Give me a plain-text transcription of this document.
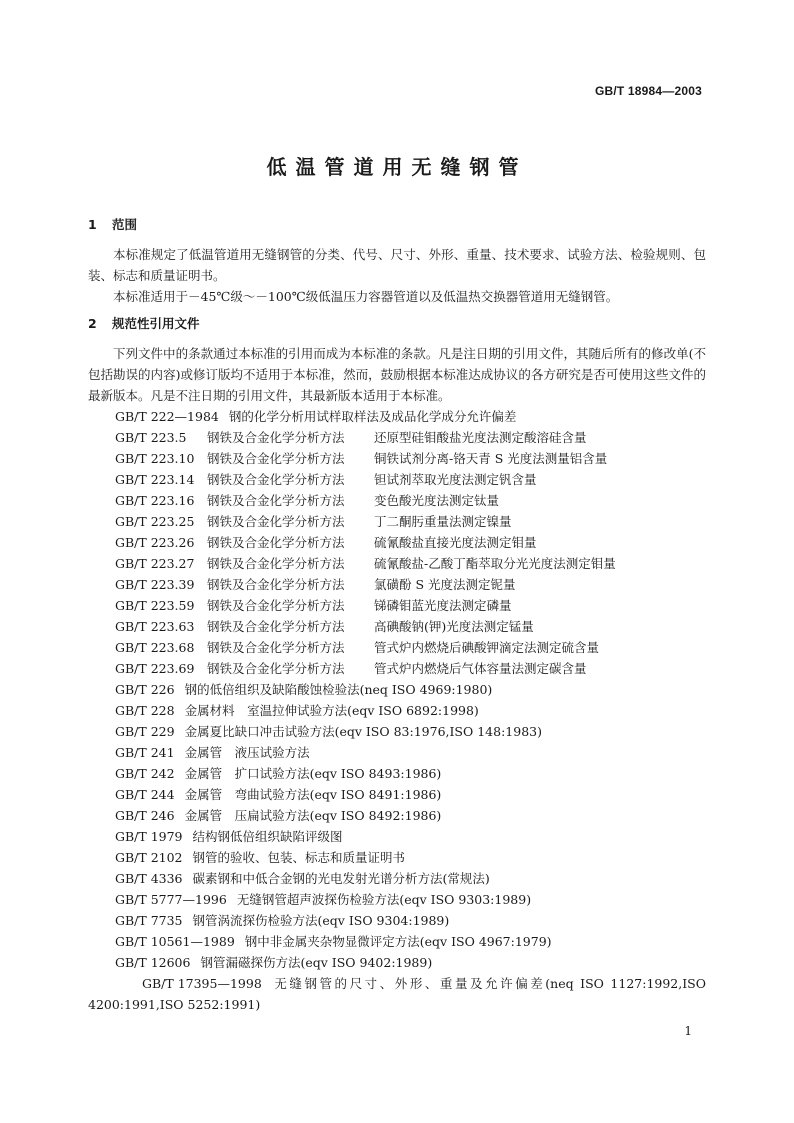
GB/T 18984—2003
低温管道用无缝钢管
1 范围

本标准规定了低温管道用无缝钢管的分类、代号、尺寸、外形、重量、技术要求、试验方法、检验规则、包装、标志和质量证明书。

本标准适用于－45℃级～－100℃级低温压力容器管道以及低温热交换器管道用无缝钢管。

2 规范性引用文件

下列文件中的条款通过本标准的引用而成为本标准的条款。凡是注日期的引用文件，其随后所有的修改单(不包括勘误的内容)或修订版均不适用于本标准，然而，鼓励根据本标准达成协议的各方研究是否可使用这些文件的最新版本。凡是不注日期的引用文件，其最新版本适用于本标准。

GB/T 222—1984 钢的化学分析用试样取样法及成品化学成分允许偏差
GB/T 223.5 钢铁及合金化学分析方法 还原型硅钼酸盐光度法测定酸溶硅含量
GB/T 223.10 钢铁及合金化学分析方法 铜铁试剂分离-铬天青 S 光度法测量铝含量
GB/T 223.14 钢铁及合金化学分析方法 钽试剂萃取光度法测定钒含量
GB/T 223.16 钢铁及合金化学分析方法 变色酸光度法测定钛量
GB/T 223.25 钢铁及合金化学分析方法 丁二酮肟重量法测定镍量
GB/T 223.26 钢铁及合金化学分析方法 硫氰酸盐直接光度法测定钼量
GB/T 223.27 钢铁及合金化学分析方法 硫氰酸盐-乙酸丁酯萃取分光光度法测定钼量
GB/T 223.39 钢铁及合金化学分析方法 氯磺酚 S 光度法测定铌量
GB/T 223.59 钢铁及合金化学分析方法 锑磷钼蓝光度法测定磷量
GB/T 223.63 钢铁及合金化学分析方法 高碘酸钠(钾)光度法测定锰量
GB/T 223.68 钢铁及合金化学分析方法 管式炉内燃烧后碘酸钾滴定法测定硫含量
GB/T 223.69 钢铁及合金化学分析方法 管式炉内燃烧后气体容量法测定碳含量
GB/T 226 钢的低倍组织及缺陷酸蚀检验法(neq ISO 4969:1980)
GB/T 228 金属材料　室温拉伸试验方法(eqv ISO 6892:1998)
GB/T 229 金属夏比缺口冲击试验方法(eqv ISO 83:1976,ISO 148:1983)
GB/T 241 金属管　液压试验方法
GB/T 242 金属管　扩口试验方法(eqv ISO 8493:1986)
GB/T 244 金属管　弯曲试验方法(eqv ISO 8491:1986)
GB/T 246 金属管　压扁试验方法(eqv ISO 8492:1986)
GB/T 1979 结构钢低倍组织缺陷评级图
GB/T 2102 钢管的验收、包装、标志和质量证明书
GB/T 4336 碳素钢和中低合金钢的光电发射光谱分析方法(常规法)
GB/T 5777—1996 无缝钢管超声波探伤检验方法(eqv ISO 9303:1989)
GB/T 7735 钢管涡流探伤检验方法(eqv ISO 9304:1989)
GB/T 10561—1989 钢中非金属夹杂物显微评定方法(eqv ISO 4967:1979)
GB/T 12606 钢管漏磁探伤方法(eqv ISO 9402:1989)
GB/T 17395—1998 无缝钢管的尺寸、外形、重量及允许偏差(neq ISO 1127:1992,ISO 4200:1991,ISO 5252:1991)
1
